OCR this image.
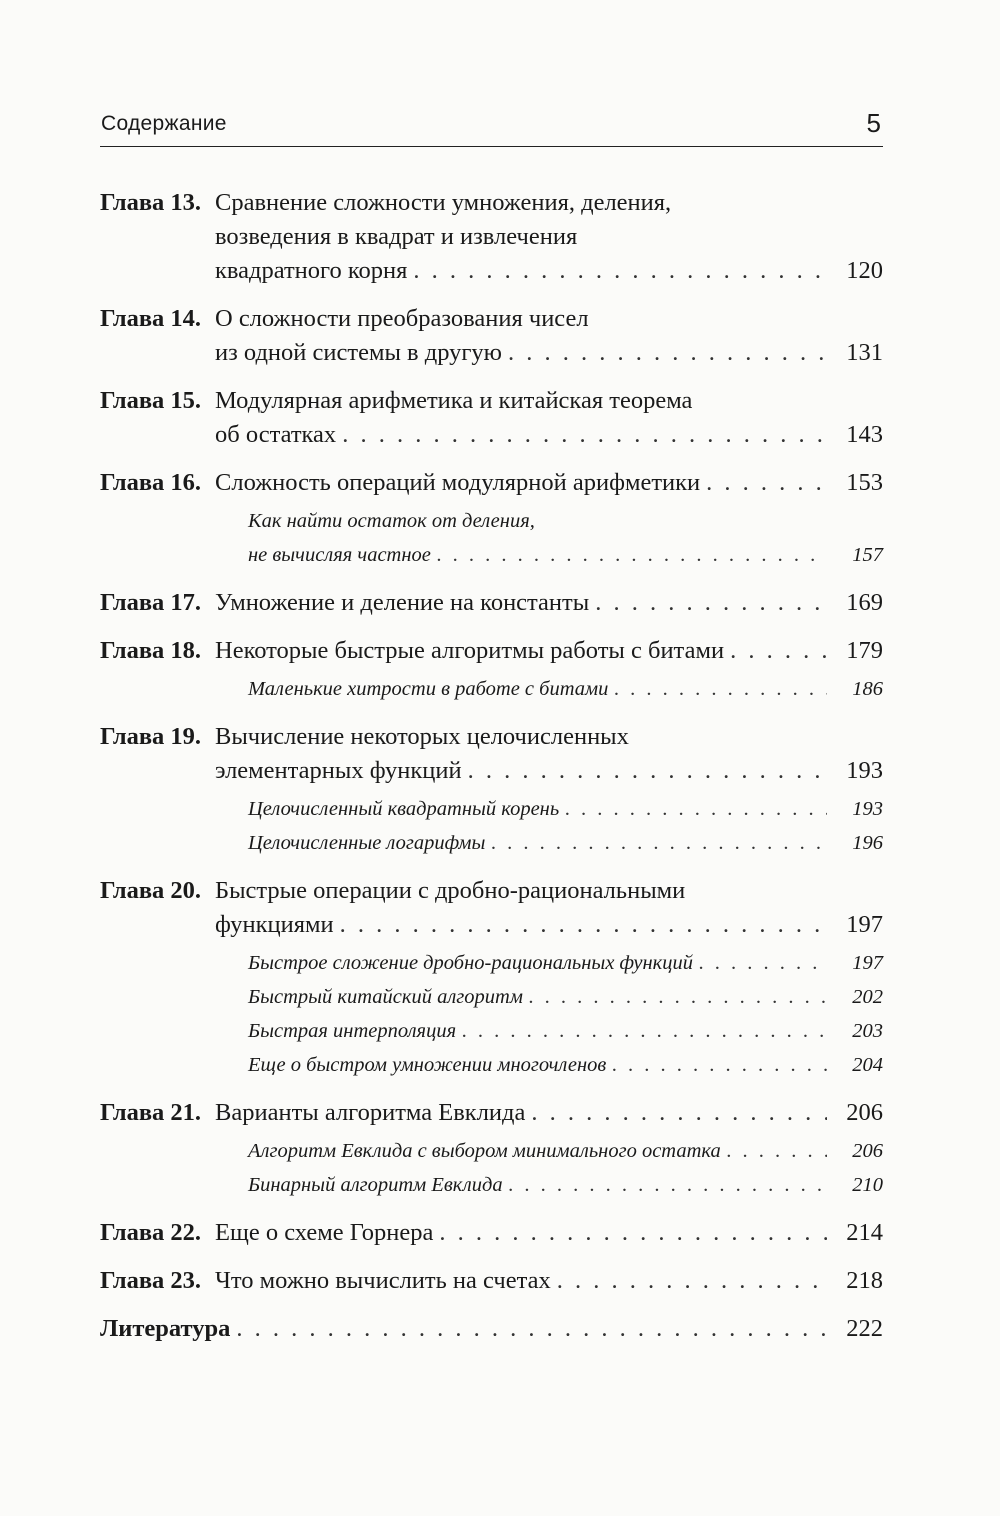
Содержание	5
Глава 13. Сравнение сложности умножения, деления,
возведения в квадрат и извлечения
квадратного корня . . .	120
Глава 14. О сложности преобразования чисел
из одной системы в другую . . .	131
Глава 15. Модулярная арифметика и китайская теорема
об остатках . . .	143
Глава 16. Сложность операций модулярной арифметики . . .	153
Как найти остаток от деления,
не вычисляя частное . . .	157
Глава 17. Умножение и деление на константы . . .	169
Глава 18. Некоторые быстрые алгоритмы работы с битами . . .	179
Маленькие хитрости в работе с битами . . .	186
Глава 19. Вычисление некоторых целочисленных
элементарных функций . . .	193
Целочисленный квадратный корень . . .	193
Целочисленные логарифмы . . .	196
Глава 20. Быстрые операции с дробно-рациональными
функциями . . .	197
Быстрое сложение дробно-рациональных функций . . .	197
Быстрый китайский алгоритм . . .	202
Быстрая интерполяция . . .	203
Еще о быстром умножении многочленов . . .	204
Глава 21. Варианты алгоритма Евклида . . .	206
Алгоритм Евклида с выбором минимального остатка . . .	206
Бинарный алгоритм Евклида . . .	210
Глава 22. Еще о схеме Горнера . . .	214
Глава 23. Что можно вычислить на счетах . . .	218
Литература . . .	222
